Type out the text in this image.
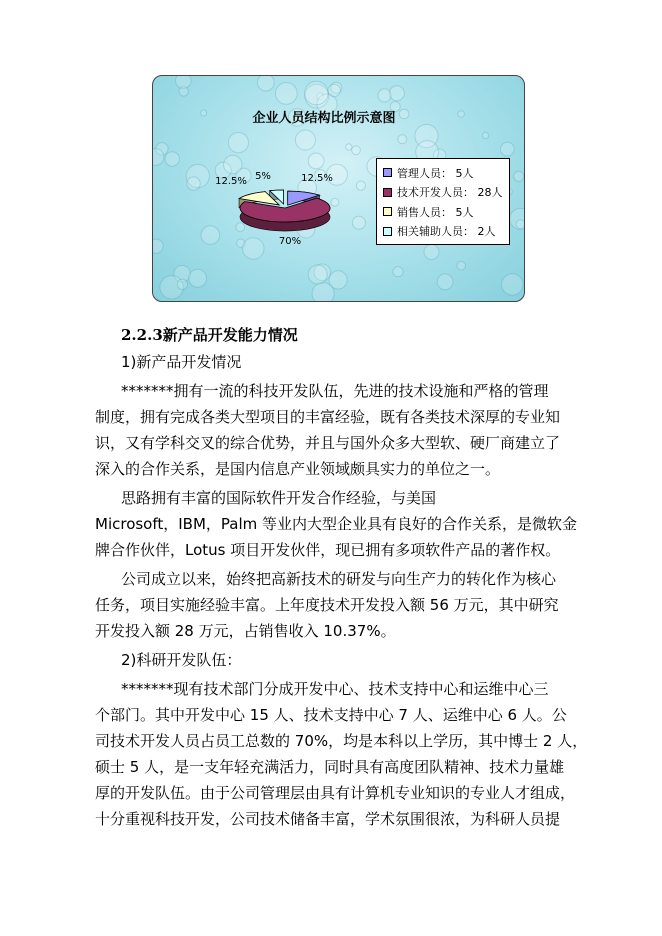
企业人员结构比例示意图
12.5%
70%
12.5% 5%	管理人员： 5人
技术开发人员： 28人
销售人员： 5人
相关辅助人员： 2人
2.2.3新产品开发能力情况
1)新产品开发情况
*******拥有一流的科技开发队伍，先进的技术设施和严格的管理
制度，拥有完成各类大型项目的丰富经验，既有各类技术深厚的专业知
识，又有学科交叉的综合优势，并且与国外众多大型软、硬厂商建立了
深入的合作关系，是国内信息产业领域颇具实力的单位之一。
思路拥有丰富的国际软件开发合作经验，与美国
Microsoft，IBM，Palm 等业内大型企业具有良好的合作关系，是微软金
牌合作伙伴，Lotus 项目开发伙伴，现已拥有多项软件产品的著作权。
公司成立以来，始终把高新技术的研发与向生产力的转化作为核心
任务，项目实施经验丰富。上年度技术开发投入额 56 万元，其中研究
开发投入额 28 万元，占销售收入 10.37%。
2)科研开发队伍：
*******现有技术部门分成开发中心、技术支持中心和运维中心三
个部门。其中开发中心 15 人、技术支持中心 7 人、运维中心 6 人。公
司技术开发人员占员工总数的 70%，均是本科以上学历，其中博士 2 人，
硕士 5 人，是一支年轻充满活力，同时具有高度团队精神、技术力量雄
厚的开发队伍。由于公司管理层由具有计算机专业知识的专业人才组成，
十分重视科技开发，公司技术储备丰富，学术氛围很浓，为科研人员提
